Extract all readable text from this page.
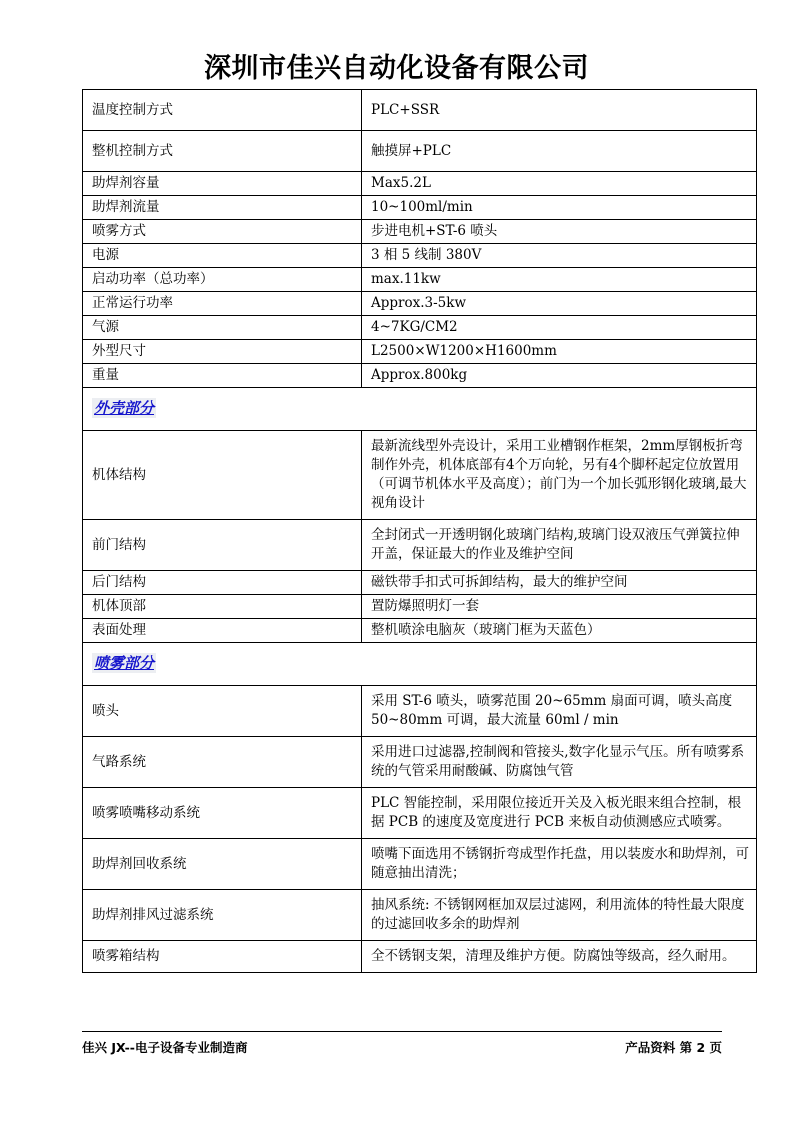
深圳市佳兴自动化设备有限公司
温度控制方式	PLC+SSR
整机控制方式	触摸屏+PLC
助焊剂容量	Max5.2L
助焊剂流量	10~100ml/min
喷雾方式	步进电机+ST-6 喷头
电源	3 相 5 线制 380V
启动功率（总功率）	max.11kw
正常运行功率	Approx.3-5kw
气源	4~7KG/CM2
外型尺寸	L2500×W1200×H1600mm
重量	Approx.800kg
外壳部分	
机体结构	最新流线型外壳设计，采用工业槽钢作框架，2mm厚钢板折弯制作外壳，机体底部有4个万向轮，另有4个脚杯起定位放置用（可调节机体水平及高度）；前门为一个加长弧形钢化玻璃,最大视角设计
前门结构	全封闭式一开透明钢化玻璃门结构,玻璃门设双液压气弹簧拉伸开盖，保证最大的作业及维护空间
后门结构	磁铁带手扣式可拆卸结构，最大的维护空间
机体顶部	置防爆照明灯一套
表面处理	整机喷涂电脑灰（玻璃门框为天蓝色）
喷雾部分	
喷头	采用 ST-6 喷头，喷雾范围 20~65mm 扇面可调，喷头高度 50~80mm 可调，最大流量 60ml / min
气路系统	采用进口过滤器,控制阀和管接头,数字化显示气压。所有喷雾系统的气管采用耐酸碱、防腐蚀气管
喷雾喷嘴移动系统	PLC 智能控制，采用限位接近开关及入板光眼来组合控制，根据 PCB 的速度及宽度进行 PCB 来板自动侦测感应式喷雾。
助焊剂回收系统	喷嘴下面选用不锈钢折弯成型作托盘，用以装废水和助焊剂，可随意抽出清洗；
助焊剂排风过滤系统	抽风系统: 不锈钢网框加双层过滤网，利用流体的特性最大限度的过滤回收多余的助焊剂
喷雾箱结构	全不锈钢支架，清理及维护方便。防腐蚀等级高，经久耐用。
佳兴 JX--电子设备专业制造商	产品资料 第 2 页
